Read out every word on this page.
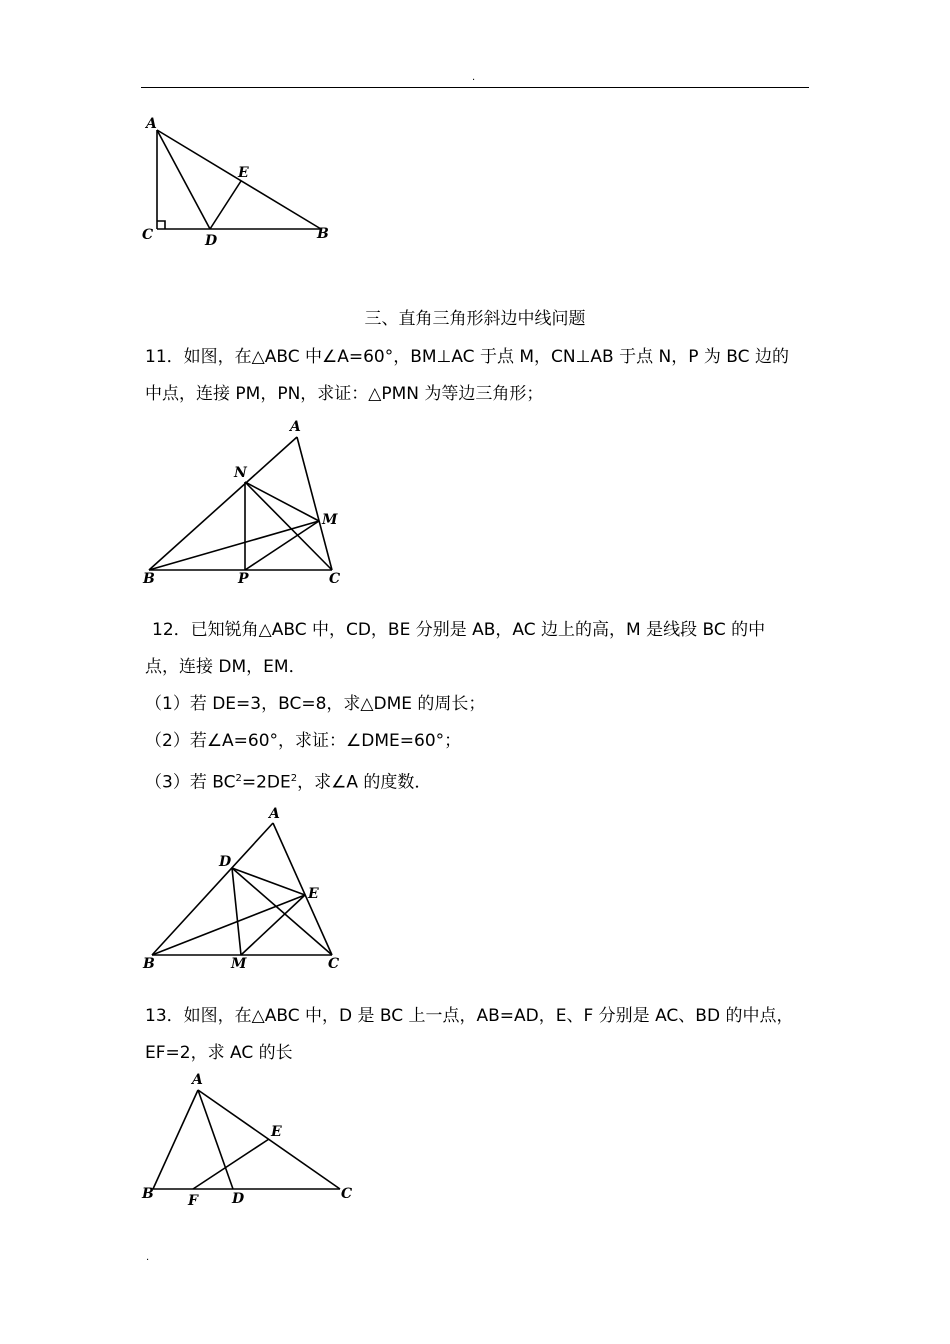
.
A
E
C	D	B
三、直角三角形斜边中线问题

11．如图，在△ABC 中∠A=60°，BM⊥AC 于点 M，CN⊥AB 于点 N，P 为 BC 边的

中点，连接 PM，PN，求证：△PMN 为等边三角形；

A
N
M
B	P	C

12．已知锐角△ABC 中，CD，BE 分别是 AB，AC 边上的高，M 是线段 BC 的中

点，连接 DM，EM．

（1）若 DE=3，BC=8，求△DME 的周长；

（2）若∠A=60°，求证：∠DME=60°；

（3）若 $BC^2=2DE^2$，求∠A 的度数．

A
D
E
B	M	C

13．如图，在△ABC 中，D 是 BC 上一点，AB=AD，E、F 分别是 AC、BD 的中点，

EF=2，求 AC 的长

A
E
B F D	C
.
